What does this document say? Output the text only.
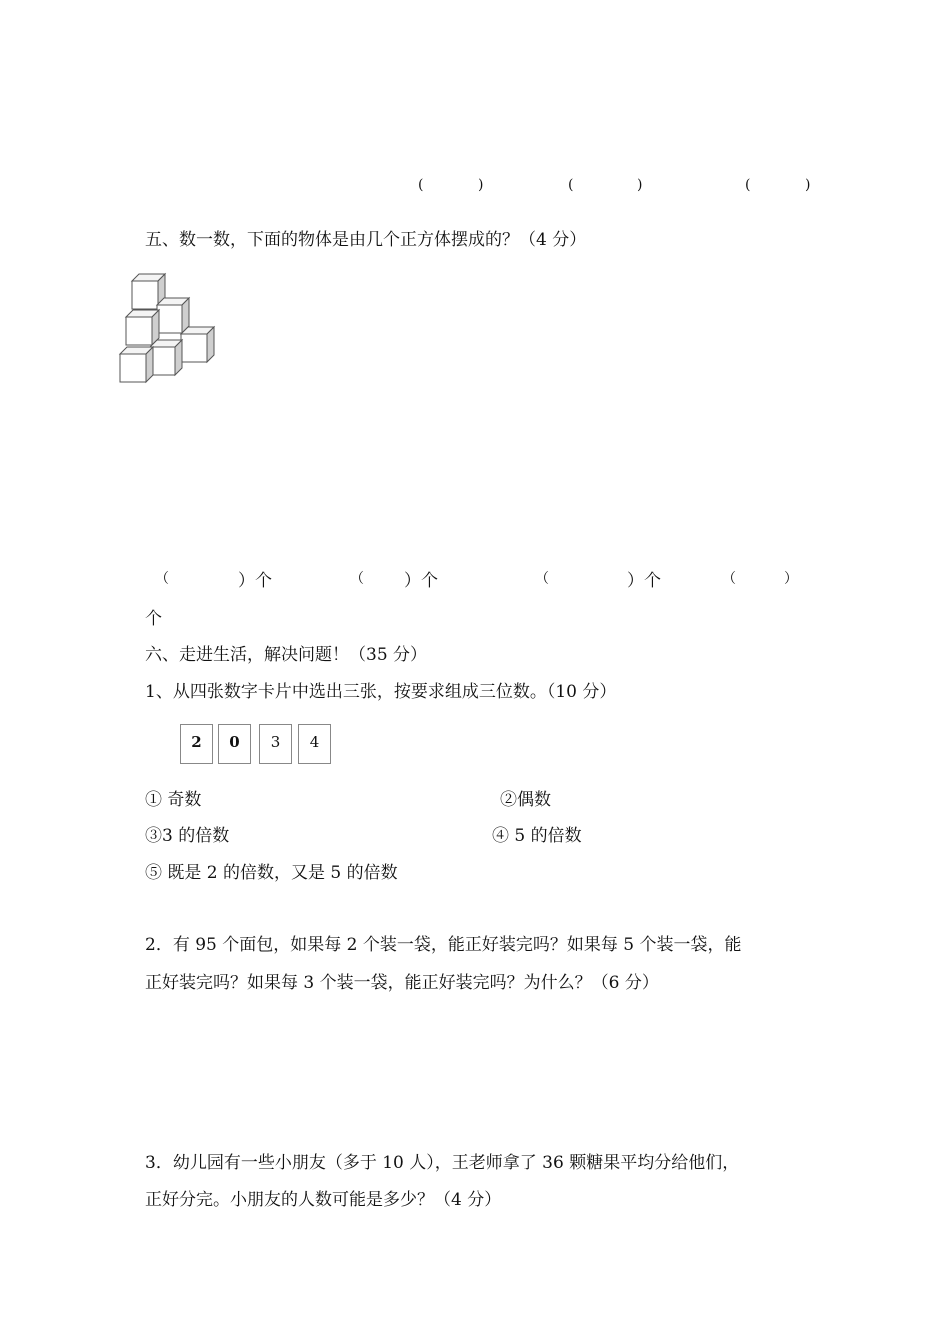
(	)	(	)	(	)
五、数一数，下面的物体是由几个正方体摆成的？（4 分）
（	）个	（ ）个	（	）个	（	）
个
六、走进生活，解决问题！（35 分）
1、从四张数字卡片中选出三张，按要求组成三位数。（10 分）
2	0	3	4
① 奇数	②偶数
③3 的倍数	④ 5 的倍数
⑤ 既是 2 的倍数，又是 5 的倍数
2．有 95 个面包，如果每 2 个装一袋，能正好装完吗？如果每 5 个装一袋，能
正好装完吗？如果每 3 个装一袋，能正好装完吗？为什么？（6 分）
3．幼儿园有一些小朋友（多于 10 人），王老师拿了 36 颗糖果平均分给他们，
正好分完。小朋友的人数可能是多少？（4 分）
